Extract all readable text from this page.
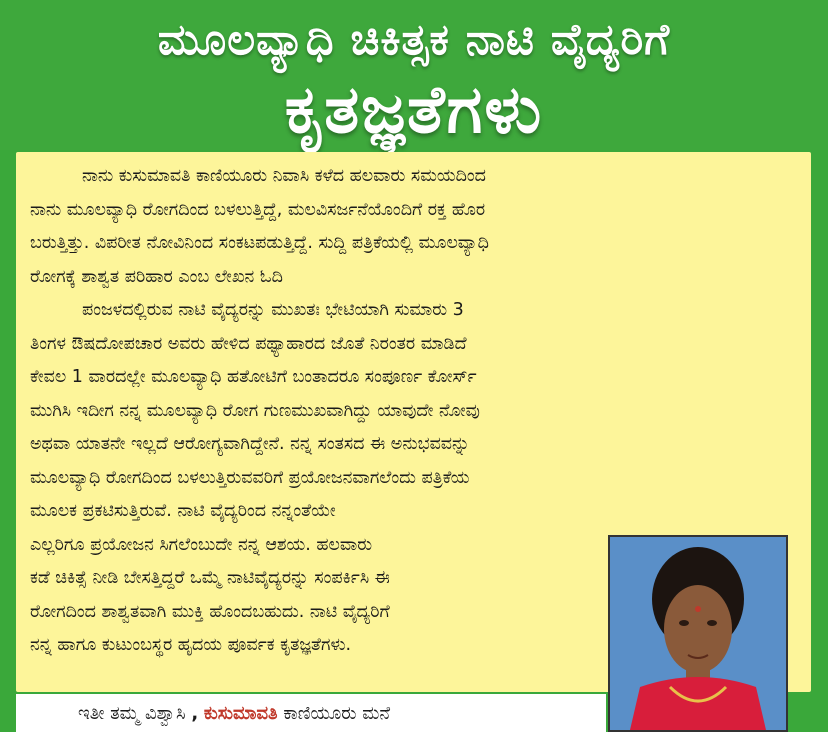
ಮೂಲವ್ಯಾಧಿ ಚಿಕಿತ್ಸಕ ನಾಟಿ ವೈದ್ಯರಿಗೆ
ಕೃತಜ್ಞತೆಗಳು
ನಾನು ಕುಸುಮಾವತಿ ಕಾಣಿಯೂರು ನಿವಾಸಿ ಕಳೆದ ಹಲವಾರು ಸಮಯದಿಂದ
ನಾನು ಮೂಲವ್ಯಾಧಿ ರೋಗದಿಂದ ಬಳಲುತ್ತಿದ್ದೆ, ಮಲವಿಸರ್ಜನೆಯೊಂದಿಗೆ ರಕ್ತ ಹೊರ
ಬರುತ್ತಿತ್ತು. ವಿಪರೀತ ನೋವಿನಿಂದ ಸಂಕಟಪಡುತ್ತಿದ್ದೆ. ಸುದ್ದಿ ಪತ್ರಿಕೆಯಲ್ಲಿ ಮೂಲವ್ಯಾಧಿ
ರೋಗಕ್ಕೆ ಶಾಶ್ವತ ಪರಿಹಾರ ಎಂಬ ಲೇಖನ ಓದಿ
ಪಂಜಳದಲ್ಲಿರುವ ನಾಟಿ ವೈದ್ಯರನ್ನು ಮುಖತಃ ಭೇಟಿಯಾಗಿ ಸುಮಾರು 3
ತಿಂಗಳ ಔಷದೋಪಚಾರ ಅವರು ಹೇಳಿದ ಪಥ್ಯಾಹಾರದ ಜೊತೆ ನಿರಂತರ ಮಾಡಿದೆ
ಕೇವಲ 1 ವಾರದಲ್ಲೇ ಮೂಲವ್ಯಾಧಿ ಹತೋಟಿಗೆ ಬಂತಾದರೂ ಸಂಪೂರ್ಣ ಕೋರ್ಸ್
ಮುಗಿಸಿ ಇದೀಗ ನನ್ನ ಮೂಲವ್ಯಾಧಿ ರೋಗ ಗುಣಮುಖವಾಗಿದ್ದು ಯಾವುದೇ ನೋವು
ಅಥವಾ ಯಾತನೇ ಇಲ್ಲದೆ ಆರೋಗ್ಯವಾಗಿದ್ದೇನೆ. ನನ್ನ ಸಂತಸದ ಈ ಅನುಭವವನ್ನು
ಮೂಲವ್ಯಾಧಿ ರೋಗದಿಂದ ಬಳಲುತ್ತಿರುವವರಿಗೆ ಪ್ರಯೋಜನವಾಗಲೆಂದು ಪತ್ರಿಕೆಯ
ಮೂಲಕ ಪ್ರಕಟಿಸುತ್ತಿರುವೆ. ನಾಟಿ ವೈದ್ಯರಿಂದ ನನ್ನಂತೆಯೇ
ಎಲ್ಲರಿಗೂ ಪ್ರಯೋಜನ ಸಿಗಲೆಂಬುದೇ ನನ್ನ ಆಶಯ. ಹಲವಾರು
ಕಡೆ ಚಿಕಿತ್ಸೆ ನೀಡಿ ಬೇಸತ್ತಿದ್ದರೆ ಒಮ್ಮೆ ನಾಟಿವೈದ್ಯರನ್ನು ಸಂಪರ್ಕಿಸಿ ಈ
ರೋಗದಿಂದ ಶಾಶ್ವತವಾಗಿ ಮುಕ್ತಿ ಹೊಂದಬಹುದು. ನಾಟಿ ವೈದ್ಯರಿಗೆ
ನನ್ನ ಹಾಗೂ ಕುಟುಂಬಸ್ಥರ ಹೃದಯ ಪೂರ್ವಕ ಕೃತಜ್ಞತೆಗಳು.
ಇತೀ ತಮ್ಮ ವಿಶ್ವಾಸಿ , ಕುಸುಮಾವತಿ ಕಾಣಿಯೂರು ಮನೆ
